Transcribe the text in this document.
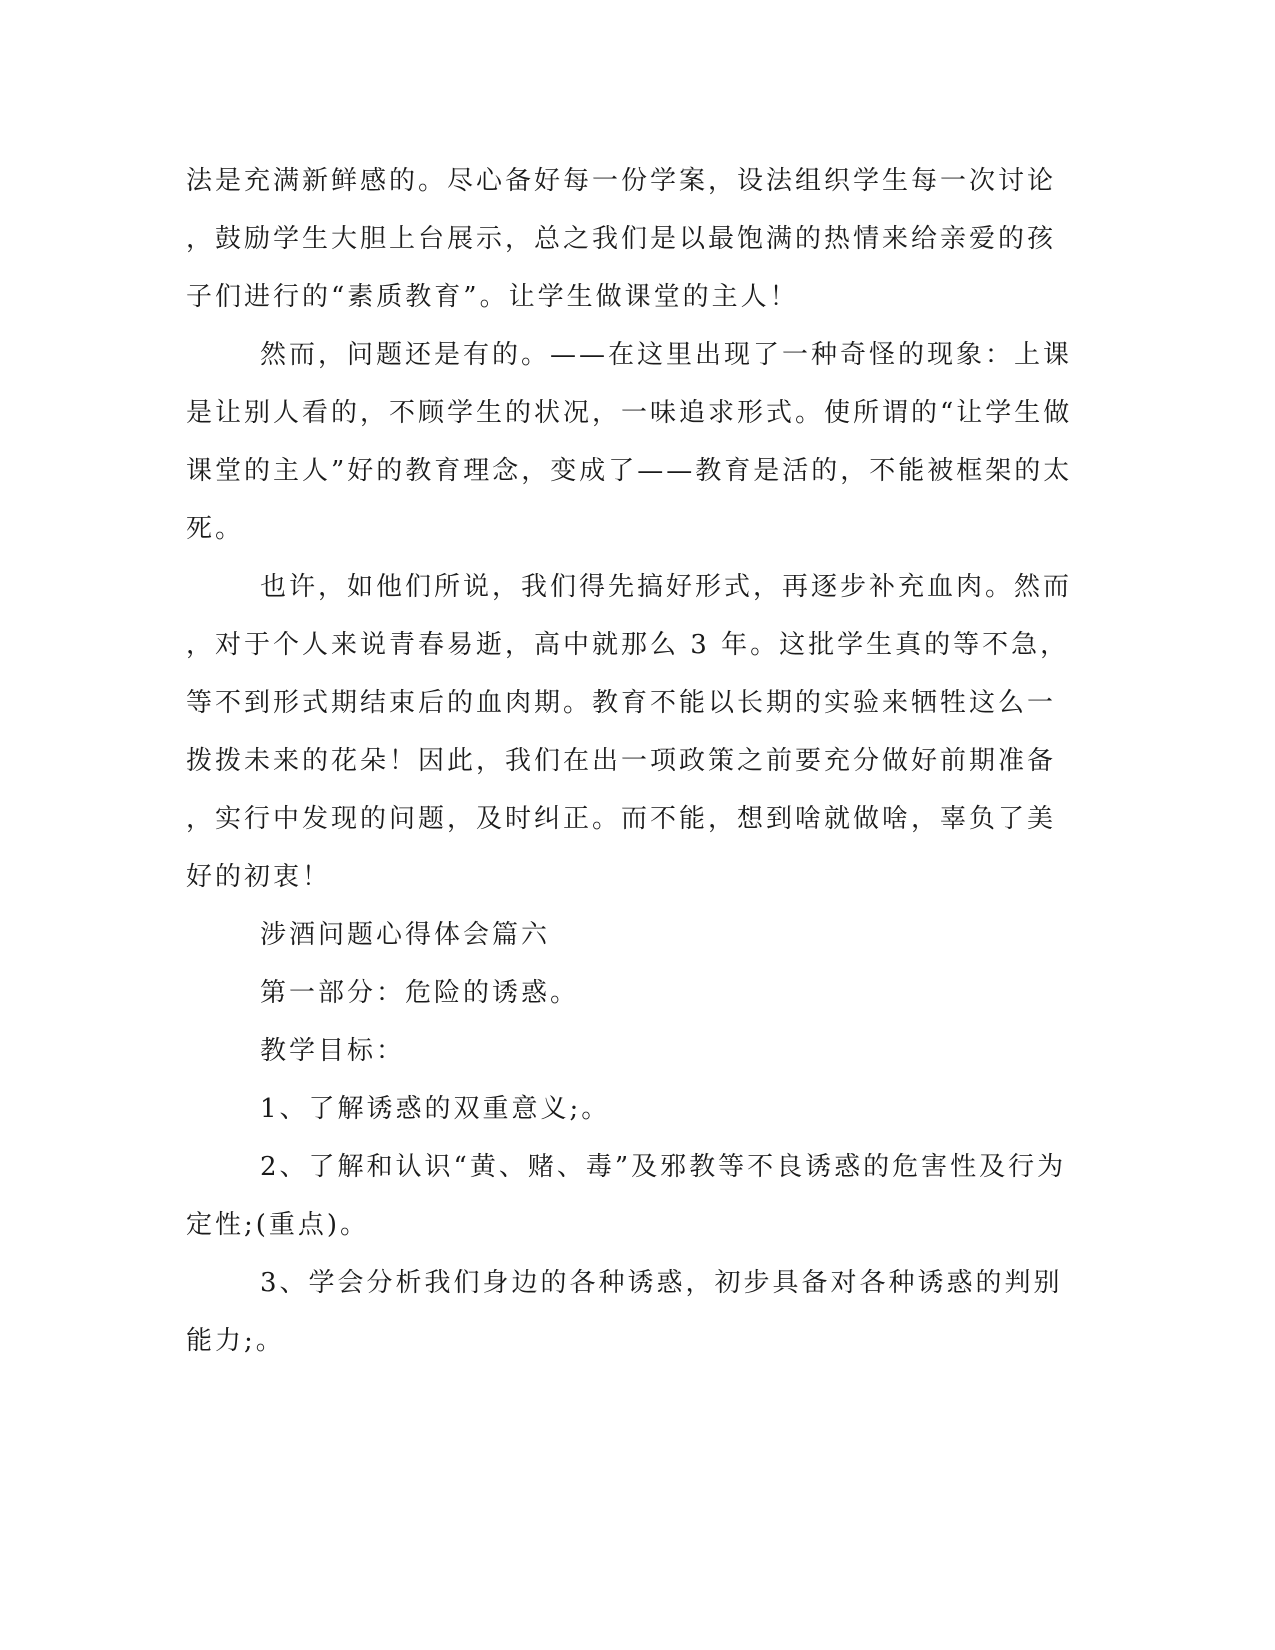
法是充满新鲜感的。尽心备好每一份学案，设法组织学生每一次讨论

，鼓励学生大胆上台展示，总之我们是以最饱满的热情来给亲爱的孩

子们进行的“素质教育”。让学生做课堂的主人！

然而，问题还是有的。——在这里出现了一种奇怪的现象：上课

是让别人看的，不顾学生的状况，一味追求形式。使所谓的“让学生做

课堂的主人”好的教育理念，变成了——教育是活的，不能被框架的太

死。

也许，如他们所说，我们得先搞好形式，再逐步补充血肉。然而

，对于个人来说青春易逝，高中就那么 3 年。这批学生真的等不急，

等不到形式期结束后的血肉期。教育不能以长期的实验来牺牲这么一

拨拨未来的花朵！因此，我们在出一项政策之前要充分做好前期准备

，实行中发现的问题，及时纠正。而不能，想到啥就做啥，辜负了美

好的初衷！

涉酒问题心得体会篇六

第一部分：危险的诱惑。

教学目标：

1、了解诱惑的双重意义;。

2、了解和认识“黄、赌、毒”及邪教等不良诱惑的危害性及行为

定性;(重点)。

3、学会分析我们身边的各种诱惑，初步具备对各种诱惑的判别

能力;。
